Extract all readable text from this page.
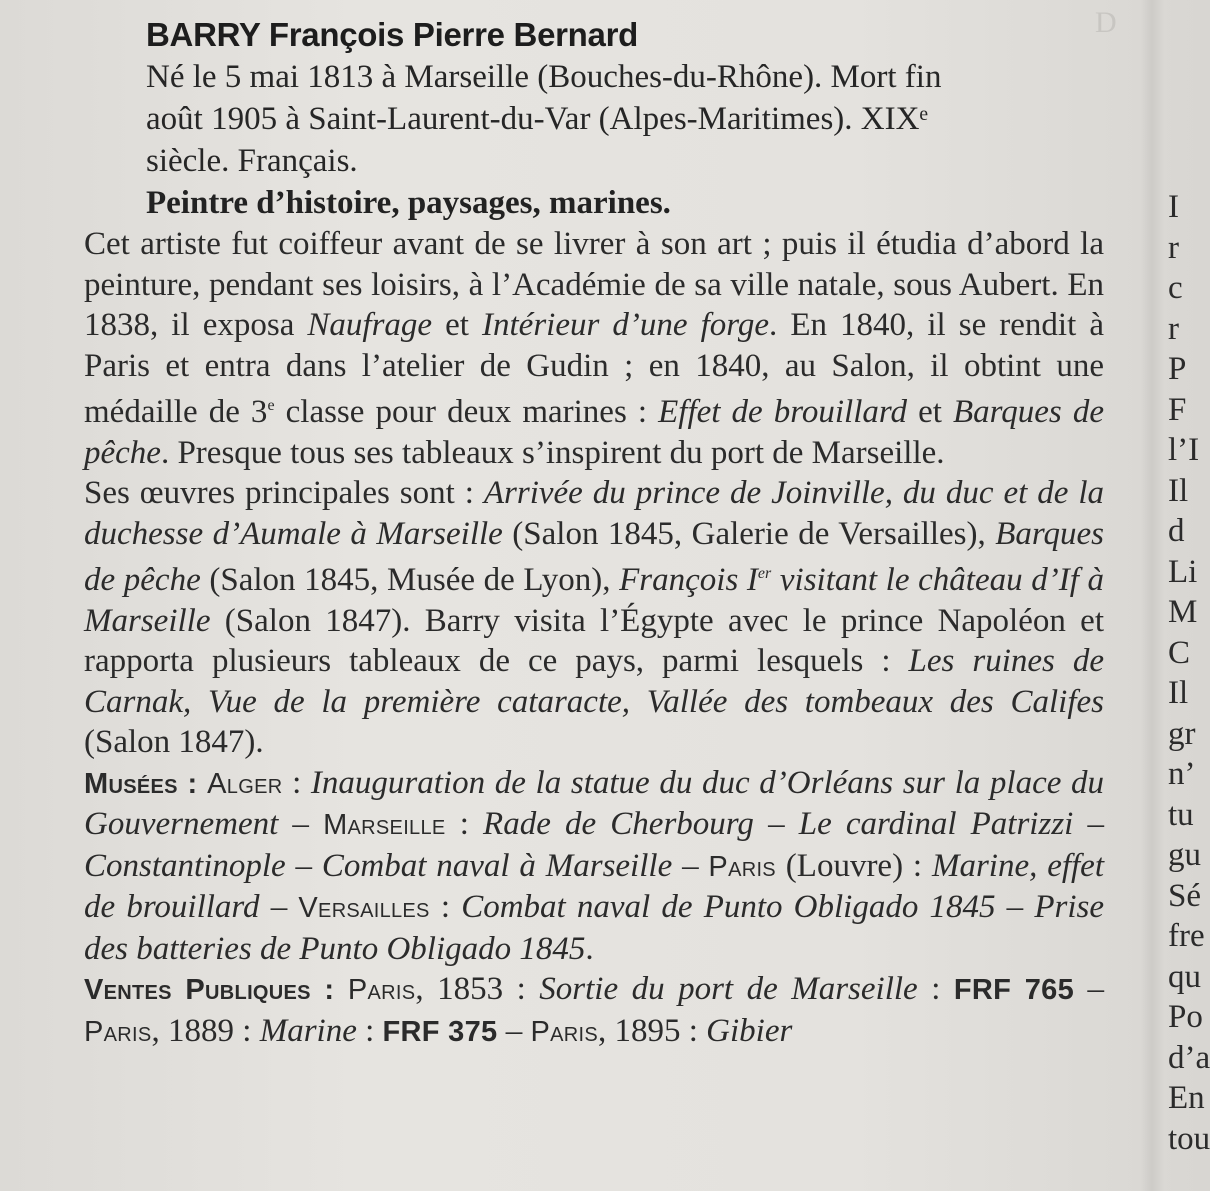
D
BARRY François Pierre Bernard
Né le 5 mai 1813 à Marseille (Bouches-du-Rhône). Mort fin
août 1905 à Saint-Laurent-du-Var (Alpes-Maritimes). XIXᵉ
siècle. Français.
Peintre d’histoire, paysages, marines.
Cet artiste fut coiffeur avant de se livrer à son art ; puis il étudia d’abord la peinture, pendant ses loisirs, à l’Académie de sa ville natale, sous Aubert. En 1838, il exposa Naufrage et Intérieur d’une forge. En 1840, il se rendit à Paris et entra dans l’atelier de Gudin ; en 1840, au Salon, il obtint une médaille de 3e classe pour deux marines : Effet de brouillard et Barques de pêche. Presque tous ses tableaux s’inspirent du port de Marseille.
Ses œuvres principales sont : Arrivée du prince de Joinville, du duc et de la duchesse d’Aumale à Marseille (Salon 1845, Galerie de Versailles), Barques de pêche (Salon 1845, Musée de Lyon), François Ier visitant le château d’If à Marseille (Salon 1847). Barry visita l’Égypte avec le prince Napoléon et rapporta plusieurs tableaux de ce pays, parmi lesquels : Les ruines de Carnak, Vue de la première cataracte, Vallée des tombeaux des Califes (Salon 1847).
Musées : Alger : Inauguration de la statue du duc d’Orléans sur la place du Gouvernement – Marseille : Rade de Cherbourg – Le cardinal Patrizzi – Constantinople – Combat naval à Marseille – Paris (Louvre) : Marine, effet de brouillard – Versailles : Combat naval de Punto Obligado 1845 – Prise des batteries de Punto Obligado 1845.
Ventes Publiques : Paris, 1853 : Sortie du port de Marseille : FRF 765 – Paris, 1889 : Marine : FRF 375 – Paris, 1895 : Gibier
I
r
c
r
P
F
l’I
Il
d
Li
M
C
Il
gr
n’
tu
gu
Sé
fre
qu
Po
d’a
En
tou
